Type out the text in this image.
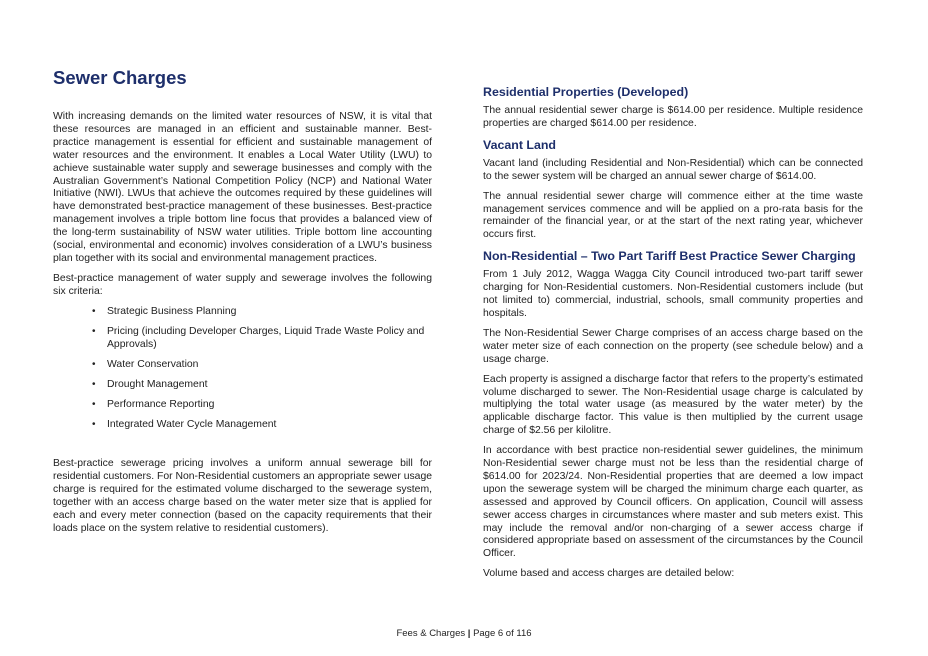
Sewer Charges

With increasing demands on the limited water resources of NSW, it is vital that these resources are managed in an efficient and sustainable manner. Best-practice management is essential for efficient and sustainable management of water resources and the environment. It enables a Local Water Utility (LWU) to achieve sustainable water supply and sewerage businesses and comply with the Australian Government’s National Competition Policy (NCP) and National Water Initiative (NWI). LWUs that achieve the outcomes required by these guidelines will have demonstrated best-practice management of these businesses. Best-practice management involves a triple bottom line focus that provides a balanced view of the long-term sustainability of NSW water utilities. Triple bottom line accounting (social, environmental and economic) involves consideration of a LWU’s business plan together with its social and environmental management practices.

Best-practice management of water supply and sewerage involves the following six criteria:

• Strategic Business Planning
• Pricing (including Developer Charges, Liquid Trade Waste Policy and Approvals)
• Water Conservation
• Drought Management
• Performance Reporting
• Integrated Water Cycle Management

Best-practice sewerage pricing involves a uniform annual sewerage bill for residential customers. For Non-Residential customers an appropriate sewer usage charge is required for the estimated volume discharged to the sewerage system, together with an access charge based on the water meter size that is applied for each and every meter connection (based on the capacity requirements that their loads place on the system relative to residential customers).

Residential Properties (Developed)

The annual residential sewer charge is $614.00 per residence. Multiple residence properties are charged $614.00 per residence.

Vacant Land

Vacant land (including Residential and Non-Residential) which can be connected to the sewer system will be charged an annual sewer charge of $614.00.

The annual residential sewer charge will commence either at the time waste management services commence and will be applied on a pro-rata basis for the remainder of the financial year, or at the start of the next rating year, whichever occurs first.

Non-Residential – Two Part Tariff Best Practice Sewer Charging

From 1 July 2012, Wagga Wagga City Council introduced two-part tariff sewer charging for Non-Residential customers. Non-Residential customers include (but not limited to) commercial, industrial, schools, small community properties and hospitals.

The Non-Residential Sewer Charge comprises of an access charge based on the water meter size of each connection on the property (see schedule below) and a usage charge.

Each property is assigned a discharge factor that refers to the property’s estimated volume discharged to sewer. The Non-Residential usage charge is calculated by multiplying the total water usage (as measured by the water meter) by the applicable discharge factor. This value is then multiplied by the current usage charge of $2.56 per kilolitre.

In accordance with best practice non-residential sewer guidelines, the minimum Non-Residential sewer charge must not be less than the residential charge of $614.00 for 2023/24. Non-Residential properties that are deemed a low impact upon the sewerage system will be charged the minimum charge each quarter, as assessed and approved by Council officers. On application, Council will assess sewer access charges in circumstances where master and sub meters exist. This may include the removal and/or non-charging of a sewer access charge if considered appropriate based on assessment of the circumstances by the Council Officer.

Volume based and access charges are detailed below:

Fees & Charges | Page 6 of 116
